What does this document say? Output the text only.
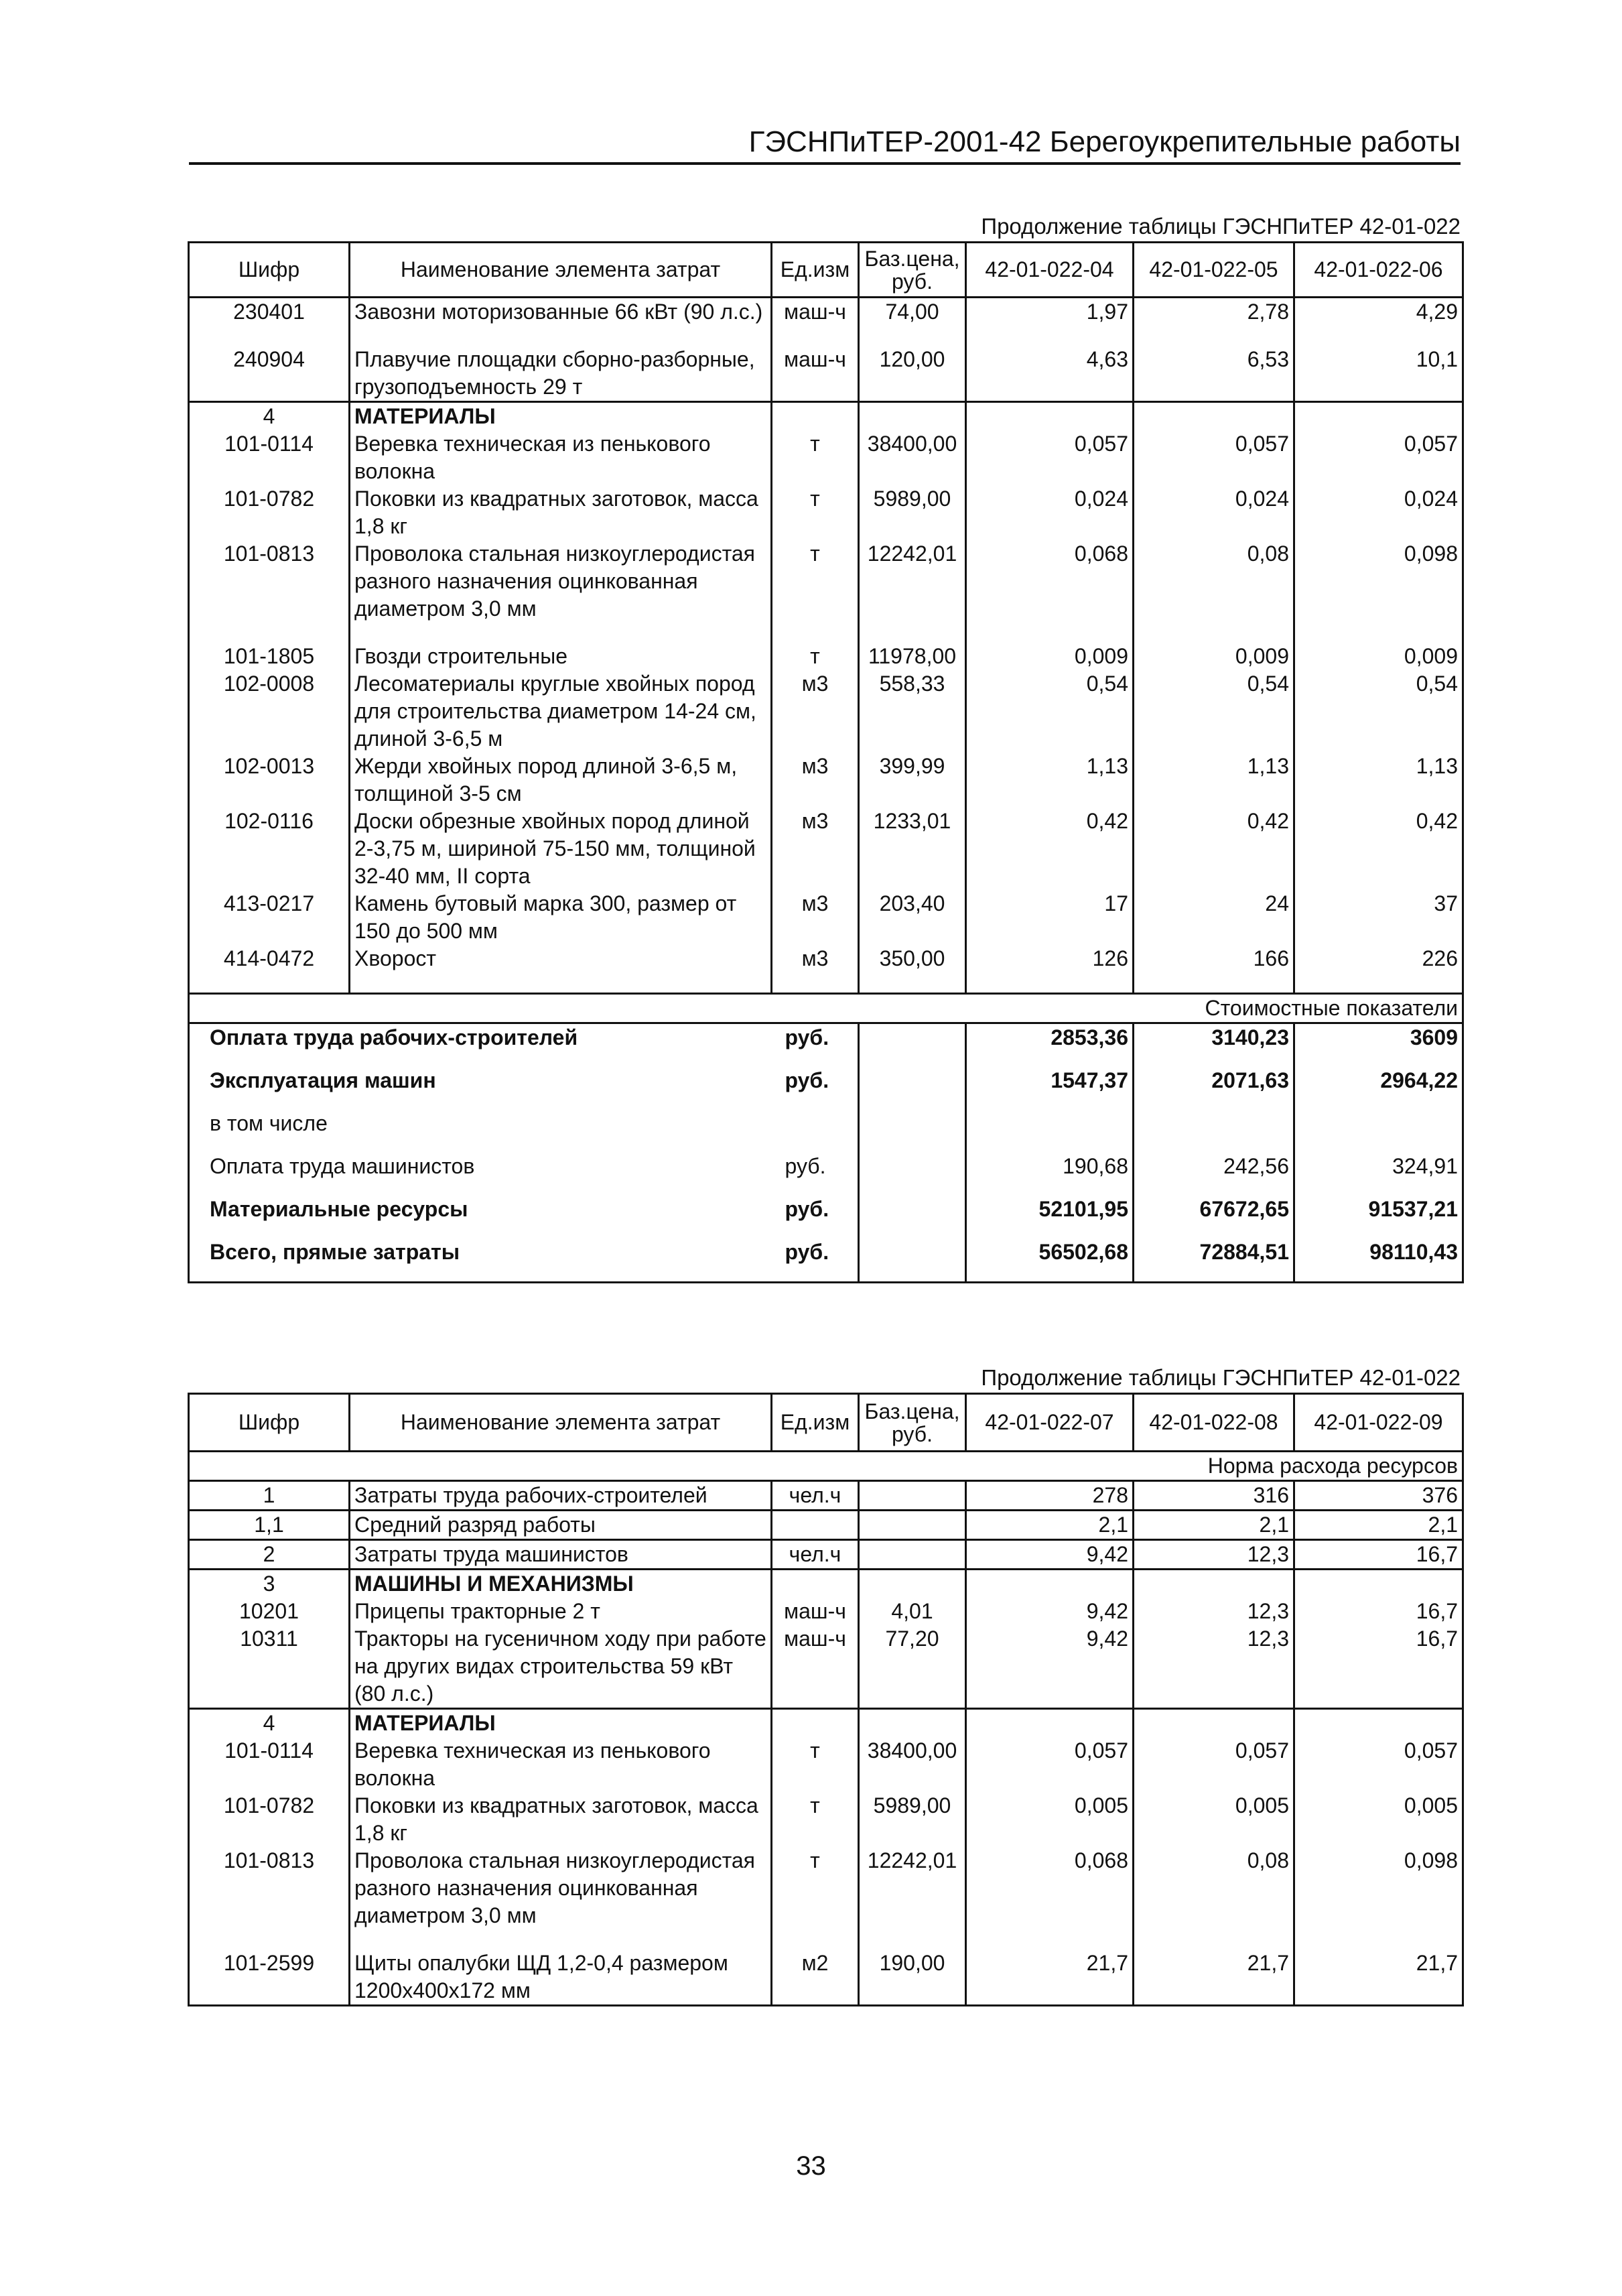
ГЭСНПиТЕР-2001-42 Берегоукрепительные работы
Продолжение таблицы ГЭСНПиТЕР 42-01-022
Шифр	Наименование элемента затрат	Ед.изм	Баз.цена, руб.	42-01-022-04	42-01-022-05	42-01-022-06
230401	Завозни моторизованные 66 кВт (90 л.с.)	маш-ч	74,00	1,97	2,78	4,29

240904	Плавучие площадки сборно-разборные, грузоподъемность 29 т	маш-ч	120,00	4,63	6,53	10,1
4	МАТЕРИАЛЫ					
101-0114	Веревка техническая из пенькового волокна	т	38400,00	0,057	0,057	0,057
101-0782	Поковки из квадратных заготовок, масса 1,8 кг	т	5989,00	0,024	0,024	0,024
101-0813	Проволока стальная низкоуглеродистая разного назначения оцинкованная диаметром 3,0 мм	т	12242,01	0,068	0,08	0,098

101-1805	Гвозди строительные	т	11978,00	0,009	0,009	0,009
102-0008	Лесоматериалы круглые хвойных пород для строительства диаметром 14-24 см, длиной 3-6,5 м	м3	558,33	0,54	0,54	0,54
102-0013	Жерди хвойных пород длиной 3-6,5 м, толщиной 3-5 см	м3	399,99	1,13	1,13	1,13
102-0116	Доски обрезные хвойных пород длиной 2-3,75 м, шириной 75-150 мм, толщиной 32-40 мм, II сорта	м3	1233,01	0,42	0,42	0,42
413-0217	Камень бутовый марка 300, размер от 150 до 500 мм	м3	203,40	17	24	37
414-0472	Хворост	м3	350,00	126	166	226

Стоимостные показатели						
Оплата труда рабочих-строителей		руб.		2853,36	3140,23	3609
Эксплуатация машин		руб.		1547,37	2071,63	2964,22
в том числе						
Оплата труда машинистов		руб.		190,68	242,56	324,91
Материальные ресурсы		руб.		52101,95	67672,65	91537,21
Всего, прямые затраты		руб.		56502,68	72884,51	98110,43
Продолжение таблицы ГЭСНПиТЕР 42-01-022
Шифр	Наименование элемента затрат	Ед.изм	Баз.цена, руб.	42-01-022-07	42-01-022-08	42-01-022-09
Норма расхода ресурсов						
1	Затраты труда рабочих-строителей	чел.ч		278	316	376
1,1	Средний разряд работы			2,1	2,1	2,1
2	Затраты труда машинистов	чел.ч		9,42	12,3	16,7
3	МАШИНЫ И МЕХАНИЗМЫ					
10201	Прицепы тракторные 2 т	маш-ч	4,01	9,42	12,3	16,7
10311	Тракторы на гусеничном ходу при работе на других видах строительства 59 кВт (80 л.с.)	маш-ч	77,20	9,42	12,3	16,7
4	МАТЕРИАЛЫ					
101-0114	Веревка техническая из пенькового волокна	т	38400,00	0,057	0,057	0,057
101-0782	Поковки из квадратных заготовок, масса 1,8 кг	т	5989,00	0,005	0,005	0,005
101-0813	Проволока стальная низкоуглеродистая разного назначения оцинкованная диаметром 3,0 мм	т	12242,01	0,068	0,08	0,098

101-2599	Щиты опалубки ЩД 1,2-0,4 размером 1200х400х172 мм	м2	190,00	21,7	21,7	21,7
33
